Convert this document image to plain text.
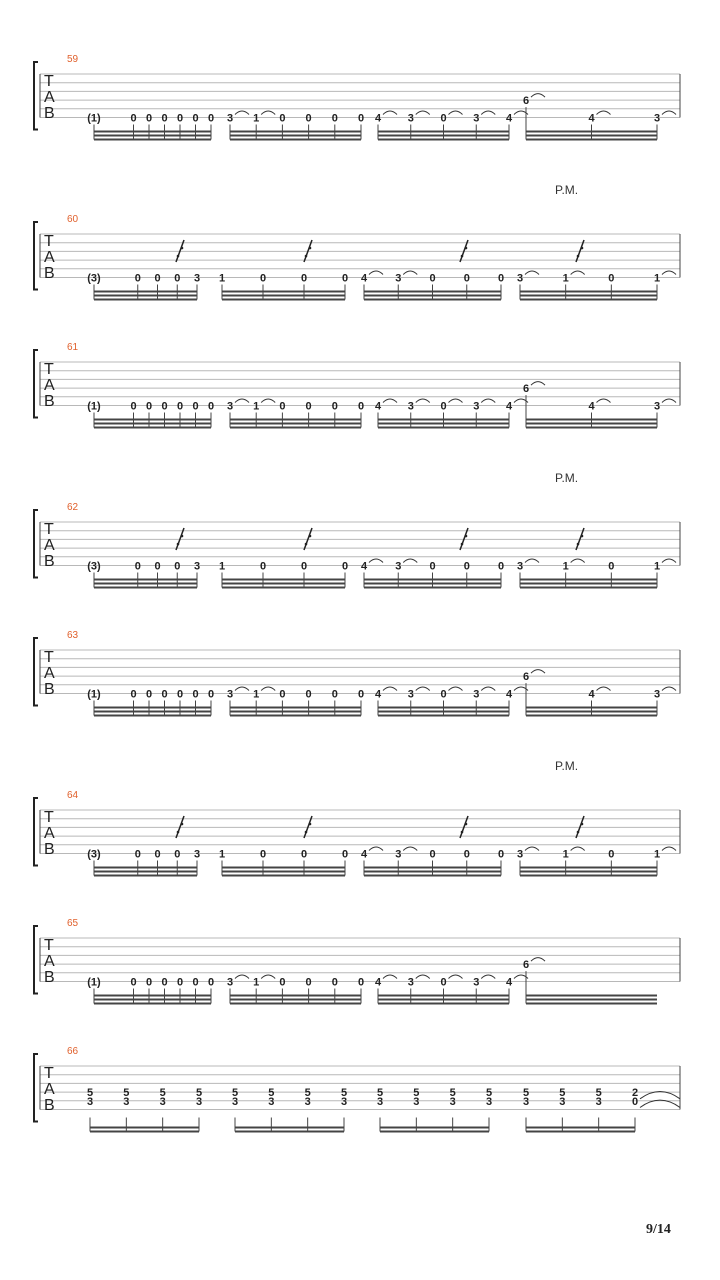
T
A
B
59
(1)	0 0 0 0 0 0 3 1 0 0 0 0 4 3 0 3 4
6
4	3
T
A
B
60
P.M.
(3)	0 0 0 3 1	0	0	0 4	3	0	0	0 3	1	0	1
T
A
B
61
(1)	0 0 0 0 0 0 3 1 0 0 0 0 4 3 0 3 4
6
4	3
T
A
B
62
P.M.
(3)	0 0 0 3 1	0	0	0 4	3	0	0	0 3	1	0	1
T
A
B
63
(1)	0 0 0 0 0 0 3 1 0 0 0 0 4 3 0 3 4
6
4	3
T
A
B
64
P.M.
(3)	0 0 0 3 1	0	0	0 4	3	0	0	0 3	1	0	1
T
A
B
65
(1)	0 0 0 0 0 0 3 1 0 0 0 0 4 3 0 3 4
6
T
A
B
66
5
3
5
3
5
3
5
3
5
3
5
3
5
3
5
3
5
3
5
3
5
3
5
3
5
3
5
3
5
3
2
0
9/14
